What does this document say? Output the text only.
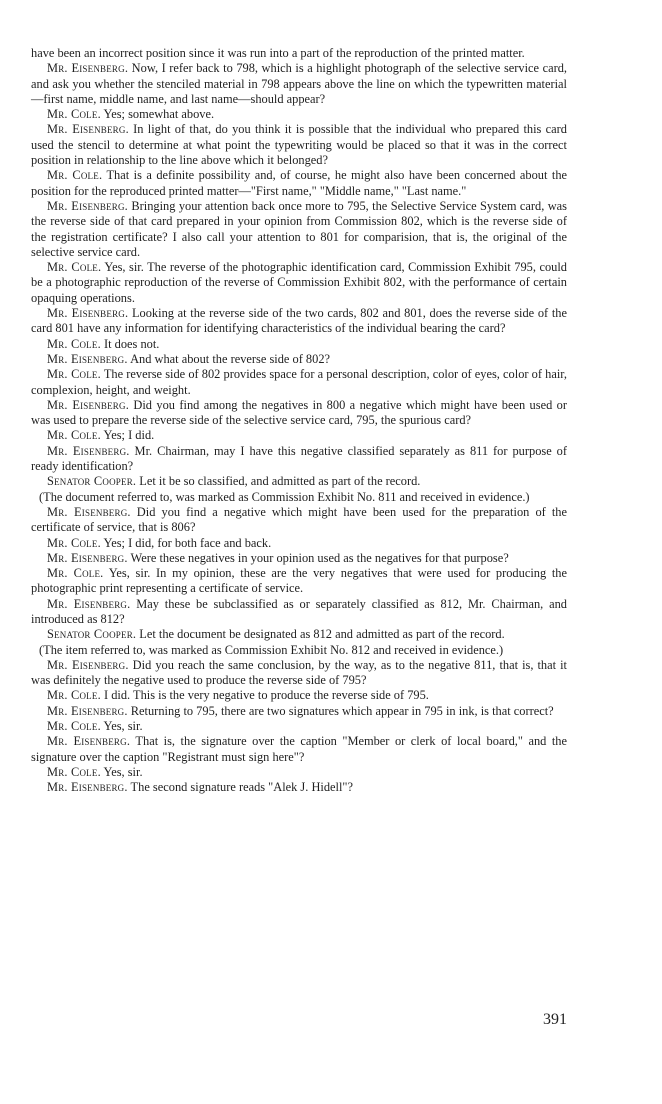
have been an incorrect position since it was run into a part of the reproduction of the printed matter.

Mr. Eisenberg. Now, I refer back to 798, which is a highlight photograph of the selective service card, and ask you whether the stenciled material in 798 appears above the line on which the typewritten material—first name, middle name, and last name—should appear?

Mr. Cole. Yes; somewhat above.

Mr. Eisenberg. In light of that, do you think it is possible that the individual who prepared this card used the stencil to determine at what point the typewriting would be placed so that it was in the correct position in relationship to the line above which it belonged?

Mr. Cole. That is a definite possibility and, of course, he might also have been concerned about the position for the reproduced printed matter—"First name," "Middle name," "Last name."

Mr. Eisenberg. Bringing your attention back once more to 795, the Selective Service System card, was the reverse side of that card prepared in your opinion from Commission 802, which is the reverse side of the registration certificate? I also call your attention to 801 for comparision, that is, the original of the selective service card.

Mr. Cole. Yes, sir. The reverse of the photographic identification card, Commission Exhibit 795, could be a photographic reproduction of the reverse of Commission Exhibit 802, with the performance of certain opaquing operations.

Mr. Eisenberg. Looking at the reverse side of the two cards, 802 and 801, does the reverse side of the card 801 have any information for identifying characteristics of the individual bearing the card?

Mr. Cole. It does not.

Mr. Eisenberg. And what about the reverse side of 802?

Mr. Cole. The reverse side of 802 provides space for a personal description, color of eyes, color of hair, complexion, height, and weight.

Mr. Eisenberg. Did you find among the negatives in 800 a negative which might have been used or was used to prepare the reverse side of the selective service card, 795, the spurious card?

Mr. Cole. Yes; I did.

Mr. Eisenberg. Mr. Chairman, may I have this negative classified separately as 811 for purpose of ready identification?

Senator Cooper. Let it be so classified, and admitted as part of the record.

(The document referred to, was marked as Commission Exhibit No. 811 and received in evidence.)

Mr. Eisenberg. Did you find a negative which might have been used for the preparation of the certificate of service, that is 806?

Mr. Cole. Yes; I did, for both face and back.

Mr. Eisenberg. Were these negatives in your opinion used as the negatives for that purpose?

Mr. Cole. Yes, sir. In my opinion, these are the very negatives that were used for producing the photographic print representing a certificate of service.

Mr. Eisenberg. May these be subclassified as or separately classified as 812, Mr. Chairman, and introduced as 812?

Senator Cooper. Let the document be designated as 812 and admitted as part of the record.

(The item referred to, was marked as Commission Exhibit No. 812 and received in evidence.)

Mr. Eisenberg. Did you reach the same conclusion, by the way, as to the negative 811, that is, that it was definitely the negative used to produce the reverse side of 795?

Mr. Cole. I did. This is the very negative to produce the reverse side of 795.

Mr. Eisenberg. Returning to 795, there are two signatures which appear in 795 in ink, is that correct?

Mr. Cole. Yes, sir.

Mr. Eisenberg. That is, the signature over the caption "Member or clerk of local board," and the signature over the caption "Registrant must sign here"?

Mr. Cole. Yes, sir.

Mr. Eisenberg. The second signature reads "Alek J. Hidell"?

391
